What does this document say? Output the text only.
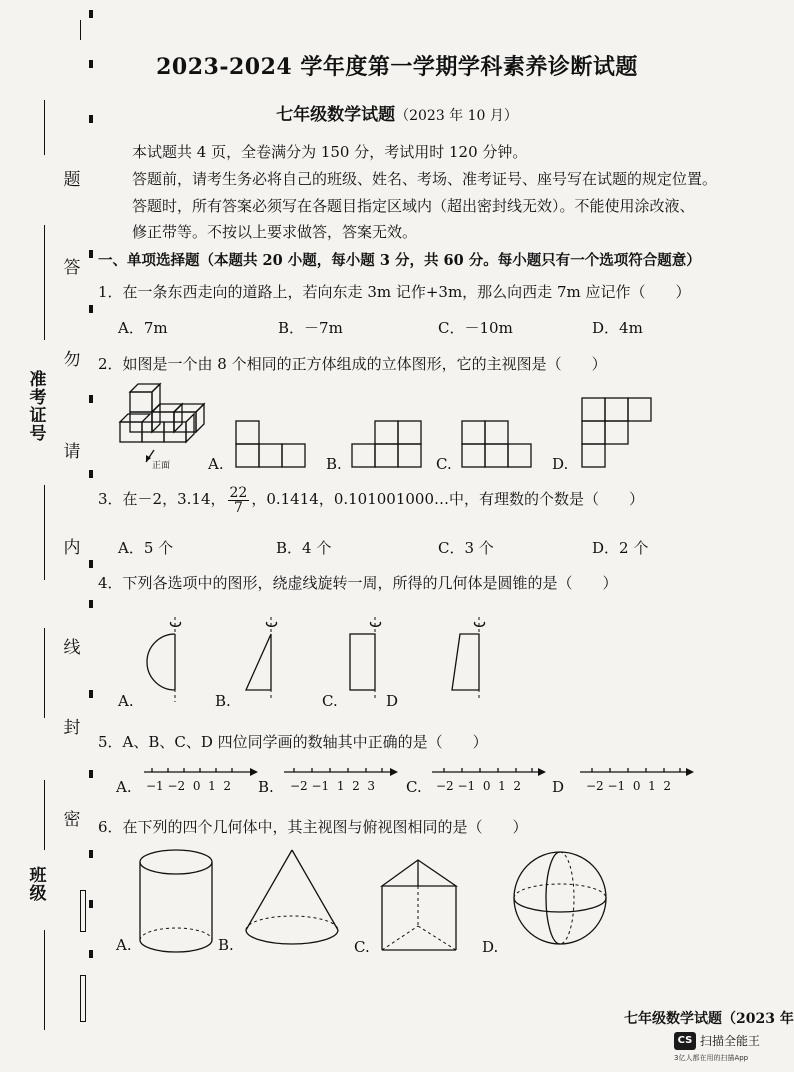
题
答
勿
请
内
线
封
密
准考证号
班级
2023-2024 学年度第一学期学科素养诊断试题
七年级数学试题（2023 年 10 月）
本试题共 4 页，全卷满分为 150 分，考试用时 120 分钟。
答题前，请考生务必将自己的班级、姓名、考场、准考证号、座号写在试题的规定位置。
答题时，所有答案必须写在各题目指定区域内（超出密封线无效）。不能使用涂改液、
修正带等。不按以上要求做答，答案无效。
一、单项选择题（本题共 20 小题，每小题 3 分，共 60 分。每小题只有一个选项符合题意）
1．在一条东西走向的道路上，若向东走 3m 记作+3m，那么向西走 7m 应记作（　　）
A．7m	B．－7m	C．－10m	D．4m
2．如图是一个由 8 个相同的正方体组成的立体图形，它的主视图是（　　）
正面	A.	B.	C.	D.
3．在－2，3.14， $\frac{22}{7}$ ，0.1414，0.101001000…中，有理数的个数是（　　）
A．5 个	B．4 个	C．3 个	D．2 个
4．下列各选项中的图形，绕虚线旋转一周，所得的几何体是圆锥的是（　　）
A.	B.	C.	D
5．A、B、C、D 四位同学画的数轴其中正确的是（　　）
A. −1 −2  0  1  2 B. −2 −1  1  2  3 C. −2 −1  0  1  2 D −2 −1  0  1  2
6．在下列的四个几何体中，其主视图与俯视图相同的是（　　）
A.	B.	C.	D.
七年级数学试题（2023 年
CS 扫描全能王
3亿人都在用的扫描App
